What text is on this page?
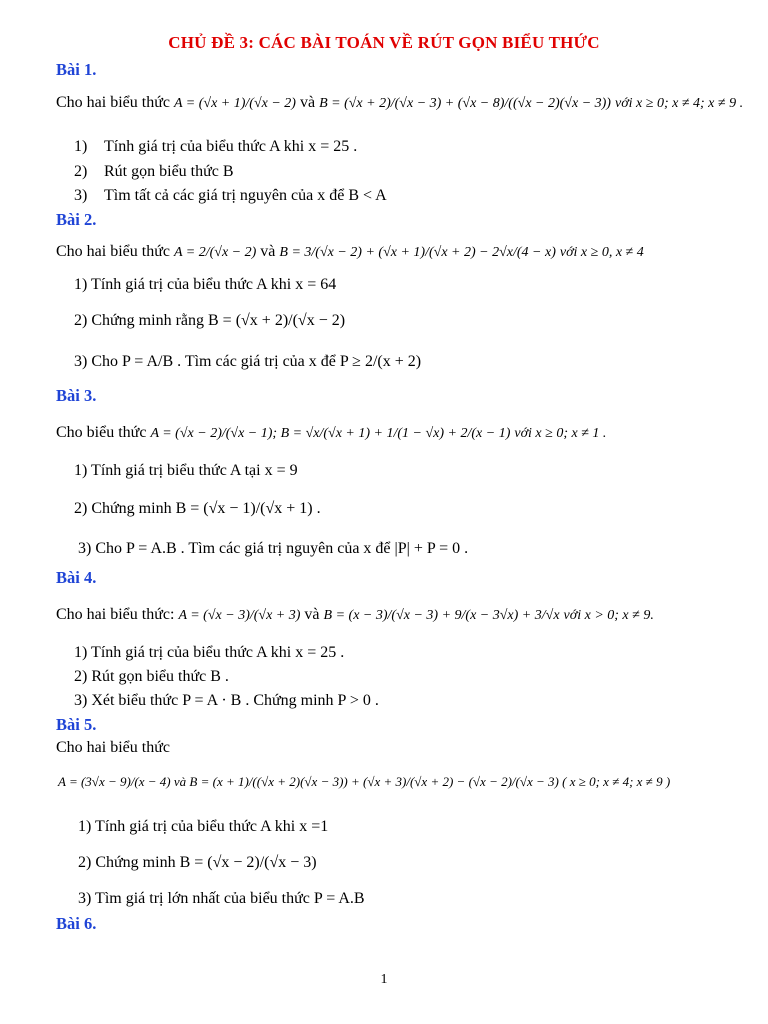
CHỦ ĐỀ 3: CÁC BÀI TOÁN VỀ RÚT GỌN BIỂU THỨC
Bài 1.
Cho hai biểu thức A = (√x + 1)/(√x − 2) và B = (√x + 2)/(√x − 3) + (√x − 8)/((√x − 2)(√x − 3)) với x ≥ 0; x ≠ 4; x ≠ 9 .
1) Tính giá trị của biểu thức A khi x = 25 .
2) Rút gọn biểu thức B
3) Tìm tất cả các giá trị nguyên của x để B < A
Bài 2.
Cho hai biểu thức A = 2/(√x − 2) và B = 3/(√x − 2) + (√x + 1)/(√x + 2) − 2√x/(4 − x) với x ≥ 0, x ≠ 4
1) Tính giá trị của biểu thức A khi x = 64
2) Chứng minh rằng B = (√x + 2)/(√x − 2)
3) Cho P = A/B . Tìm các giá trị của x để P ≥ 2/(x + 2)
Bài 3.
Cho biểu thức A = (√x − 2)/(√x − 1); B = √x/(√x + 1) + 1/(1 − √x) + 2/(x − 1) với x ≥ 0; x ≠ 1 .
1) Tính giá trị biểu thức A tại x = 9
2) Chứng minh B = (√x − 1)/(√x + 1) .
3) Cho P = A.B . Tìm các giá trị nguyên của x để |P| + P = 0 .
Bài 4.
Cho hai biểu thức: A = (√x − 3)/(√x + 3) và B = (x − 3)/(√x − 3) + 9/(x − 3√x) + 3/√x với x > 0; x ≠ 9.
1) Tính giá trị của biểu thức A khi x = 25 .
2) Rút gọn biểu thức B .
3) Xét biểu thức P = A · B . Chứng minh P > 0 .
Bài 5.
Cho hai biểu thức
A = (3√x − 9)/(x − 4) và B = (x + 1)/((√x + 2)(√x − 3)) + (√x + 3)/(√x + 2) − (√x − 2)/(√x − 3) ( x ≥ 0; x ≠ 4; x ≠ 9 )
1) Tính giá trị của biểu thức A khi x =1
2) Chứng minh B = (√x − 2)/(√x − 3)
3) Tìm giá trị lớn nhất của biểu thức P = A.B
Bài 6.
1
